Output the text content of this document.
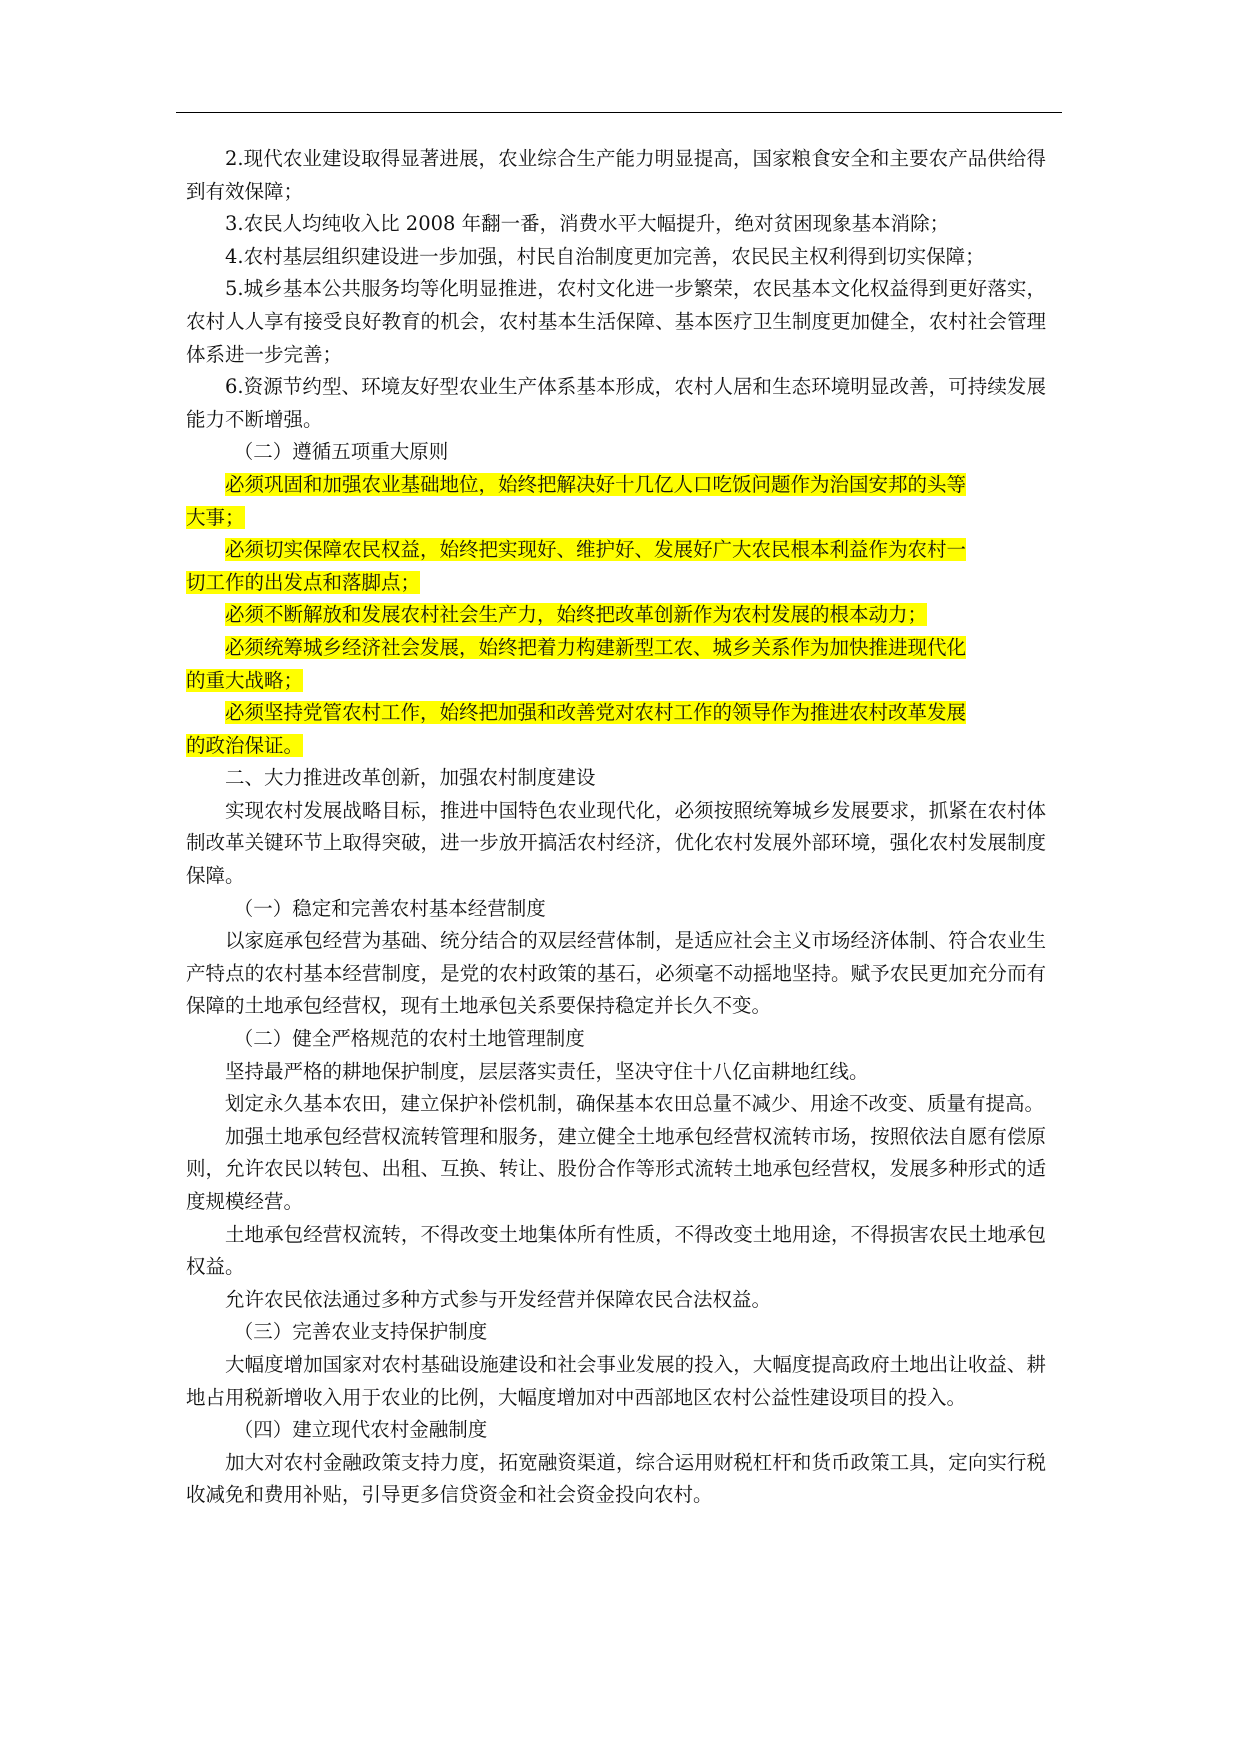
2.现代农业建设取得显著进展，农业综合生产能力明显提高，国家粮食安全和主要农产品供给得到有效保障；

3.农民人均纯收入比 2008 年翻一番，消费水平大幅提升，绝对贫困现象基本消除；

4.农村基层组织建设进一步加强，村民自治制度更加完善，农民民主权利得到切实保障；

5.城乡基本公共服务均等化明显推进，农村文化进一步繁荣，农民基本文化权益得到更好落实，农村人人享有接受良好教育的机会，农村基本生活保障、基本医疗卫生制度更加健全，农村社会管理体系进一步完善；

6.资源节约型、环境友好型农业生产体系基本形成，农村人居和生态环境明显改善，可持续发展能力不断增强。

（二）遵循五项重大原则

必须巩固和加强农业基础地位，始终把解决好十几亿人口吃饭问题作为治国安邦的头等
大事；

必须切实保障农民权益，始终把实现好、维护好、发展好广大农民根本利益作为农村一
切工作的出发点和落脚点；

必须不断解放和发展农村社会生产力，始终把改革创新作为农村发展的根本动力；

必须统筹城乡经济社会发展，始终把着力构建新型工农、城乡关系作为加快推进现代化
的重大战略；

必须坚持党管农村工作，始终把加强和改善党对农村工作的领导作为推进农村改革发展
的政治保证。

二、大力推进改革创新，加强农村制度建设

实现农村发展战略目标，推进中国特色农业现代化，必须按照统筹城乡发展要求，抓紧在农村体制改革关键环节上取得突破，进一步放开搞活农村经济，优化农村发展外部环境，强化农村发展制度保障。

（一）稳定和完善农村基本经营制度

以家庭承包经营为基础、统分结合的双层经营体制，是适应社会主义市场经济体制、符合农业生产特点的农村基本经营制度，是党的农村政策的基石，必须毫不动摇地坚持。赋予农民更加充分而有保障的土地承包经营权，现有土地承包关系要保持稳定并长久不变。

（二）健全严格规范的农村土地管理制度

坚持最严格的耕地保护制度，层层落实责任，坚决守住十八亿亩耕地红线。

划定永久基本农田，建立保护补偿机制，确保基本农田总量不减少、用途不改变、质量有提高。

加强土地承包经营权流转管理和服务，建立健全土地承包经营权流转市场，按照依法自愿有偿原则，允许农民以转包、出租、互换、转让、股份合作等形式流转土地承包经营权，发展多种形式的适度规模经营。

土地承包经营权流转，不得改变土地集体所有性质，不得改变土地用途，不得损害农民土地承包权益。

允许农民依法通过多种方式参与开发经营并保障农民合法权益。

（三）完善农业支持保护制度

大幅度增加国家对农村基础设施建设和社会事业发展的投入，大幅度提高政府土地出让收益、耕地占用税新增收入用于农业的比例，大幅度增加对中西部地区农村公益性建设项目的投入。

（四）建立现代农村金融制度

加大对农村金融政策支持力度，拓宽融资渠道，综合运用财税杠杆和货币政策工具，定向实行税收减免和费用补贴，引导更多信贷资金和社会资金投向农村。
